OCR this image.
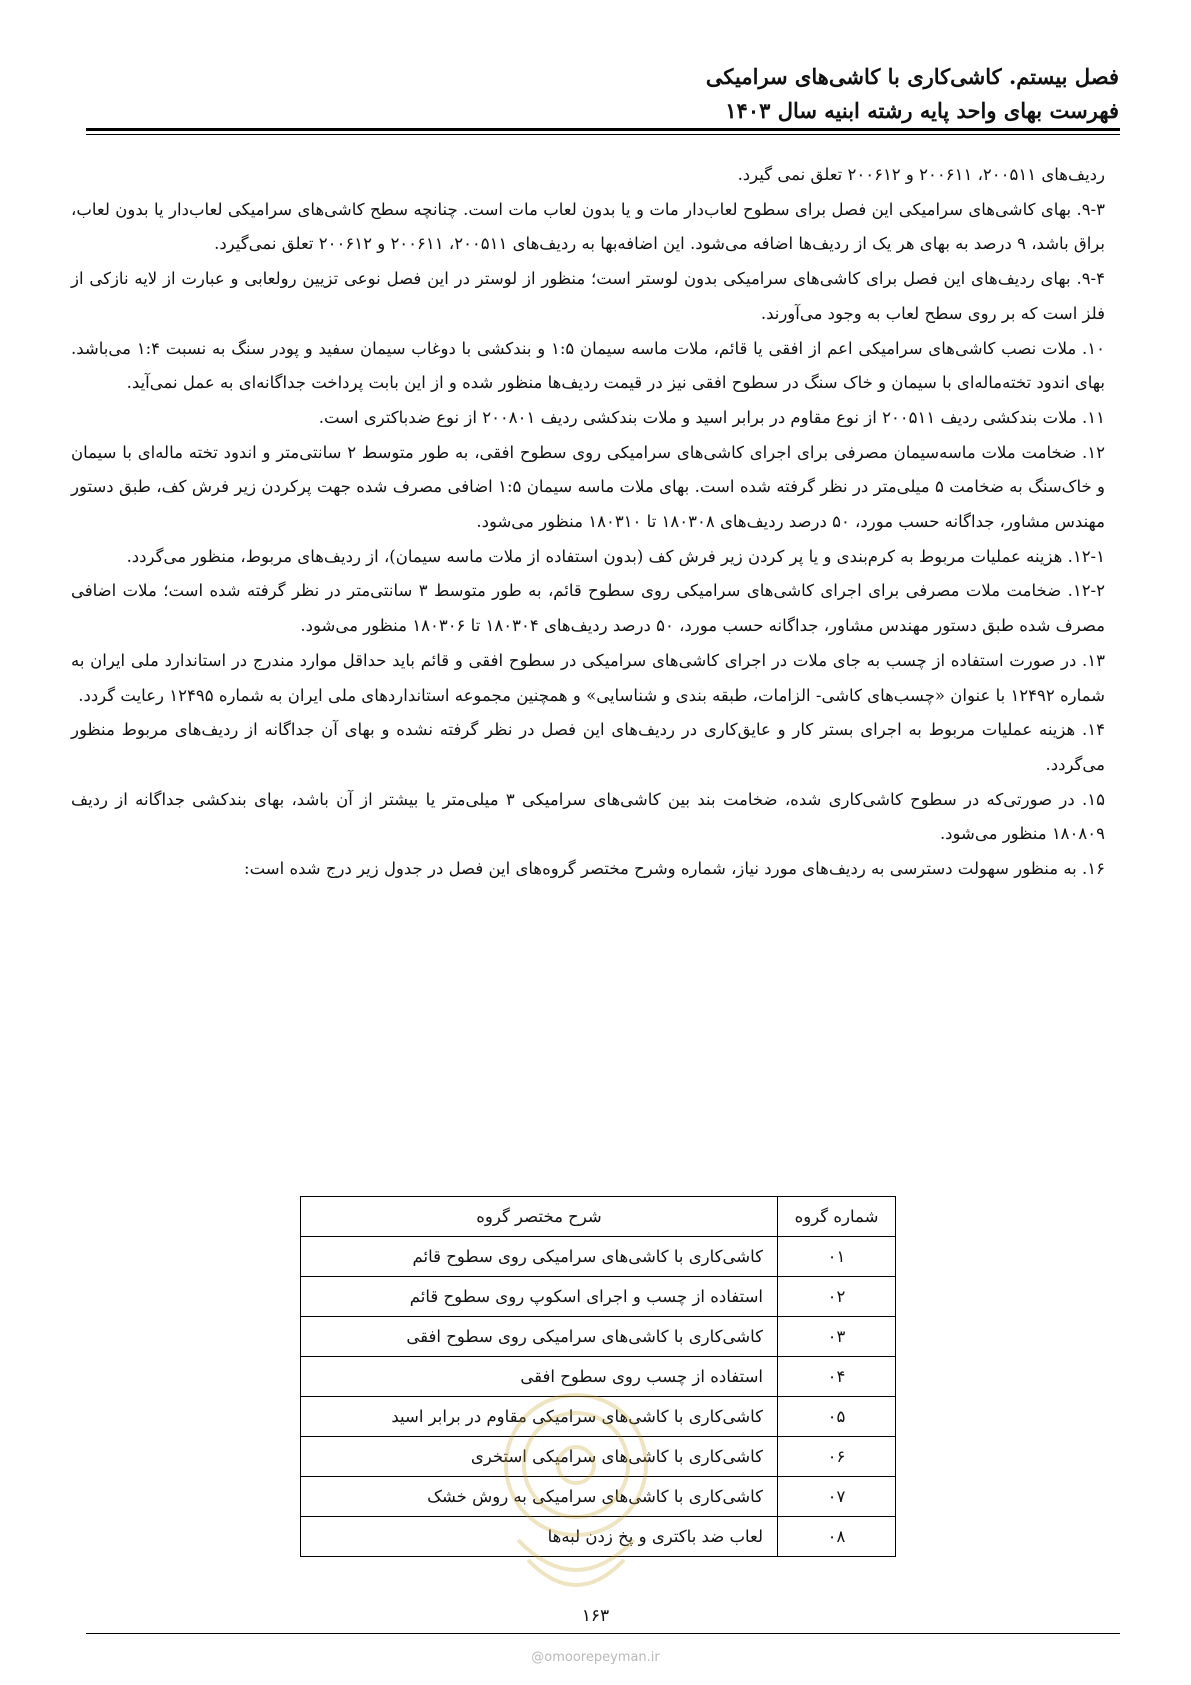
فصل بیستم. کاشی‌کاری با کاشی‌های سرامیکی
فهرست بهای واحد پایه رشته ابنیه سال ۱۴۰۳

ردیف‌های ۲۰۰۵۱۱، ۲۰۰۶۱۱ و ۲۰۰۶۱۲ تعلق نمی گیرد.

۹-۳. بهای کاشی‌های سرامیکی این فصل برای سطوح لعاب‌دار مات و یا بدون لعاب مات است. چنانچه سطح کاشی‌های سرامیکی لعاب‌دار یا بدون لعاب، براق باشد، ۹ درصد به بهای هر یک از ردیف‌ها اضافه می‌شود. این اضافه‌بها به ردیف‌های ۲۰۰۵۱۱، ۲۰۰۶۱۱ و ۲۰۰۶۱۲ تعلق نمی‌گیرد.

۹-۴. بهای ردیف‌های این فصل برای کاشی‌های سرامیکی بدون لوستر است؛ منظور از لوستر در این فصل نوعی تزیین رولعابی و عبارت از لایه نازکی از فلز است که بر روی سطح لعاب به وجود می‌آورند.

۱۰. ملات نصب کاشی‌های سرامیکی اعم از افقی یا قائم، ملات ماسه سیمان ۱:۵ و بندکشی با دوغاب سیمان سفید و پودر سنگ به نسبت ۱:۴ می‌باشد. بهای اندود تخته‌ماله‌ای با سیمان و خاک سنگ در سطوح افقی نیز در قیمت ردیف‌ها منظور شده و از این بابت پرداخت جداگانه‌ای به عمل نمی‌آید.

۱۱. ملات بندکشی ردیف ۲۰۰۵۱۱ از نوع مقاوم در برابر اسید و ملات بندکشی ردیف ۲۰۰۸۰۱ از نوع ضدباکتری است.

۱۲. ضخامت ملات ماسه‌سیمان مصرفی برای اجرای کاشی‌های سرامیکی روی سطوح افقی، به طور متوسط ۲ سانتی‌متر و اندود تخته ماله‌ای با سیمان و خاک‌سنگ به ضخامت ۵ میلی‌متر در نظر گرفته شده است. بهای ملات ماسه سیمان ۱:۵ اضافی مصرف شده جهت پرکردن زیر فرش کف، طبق دستور مهندس مشاور، جداگانه حسب مورد، ۵۰ درصد ردیف‌های ۱۸۰۳۰۸ تا ۱۸۰۳۱۰ منظور می‌شود.

۱۲-۱. هزینه عملیات مربوط به کرم‌بندی و یا پر کردن زیر فرش کف (بدون استفاده از ملات ماسه سیمان)، از ردیف‌های مربوط، منظور می‌گردد.

۱۲-۲. ضخامت ملات مصرفی برای اجرای کاشی‌های سرامیکی روی سطوح قائم، به طور متوسط ۳ سانتی‌متر در نظر گرفته شده است؛ ملات اضافی مصرف شده طبق دستور مهندس مشاور، جداگانه حسب مورد، ۵۰ درصد ردیف‌های ۱۸۰۳۰۴ تا ۱۸۰۳۰۶ منظور می‌شود.

۱۳. در صورت استفاده از چسب به جای ملات در اجرای کاشی‌های سرامیکی در سطوح افقی و قائم باید حداقل موارد مندرج در استاندارد ملی ایران به شماره ۱۲۴۹۲ با عنوان «چسب‌های کاشی- الزامات، طبقه بندی و شناسایی» و همچنین مجموعه استانداردهای ملی ایران به شماره ۱۲۴۹۵ رعایت گردد.

۱۴. هزینه عملیات مربوط به اجرای بستر کار و عایق‌کاری در ردیف‌های این فصل در نظر گرفته نشده و بهای آن جداگانه از ردیف‌های مربوط منظور می‌گردد.

۱۵. در صورتی‌که در سطوح کاشی‌کاری شده، ضخامت بند بین کاشی‌های سرامیکی ۳ میلی‌متر یا بیشتر از آن باشد، بهای بندکشی جداگانه از ردیف ۱۸۰۸۰۹ منظور می‌شود.

۱۶. به منظور سهولت دسترسی به ردیف‌های مورد نیاز، شماره وشرح مختصر گروه‌های این فصل در جدول زیر درج شده است:

شماره گروه	شرح مختصر گروه
۰۱	کاشی‌کاری با کاشی‌های سرامیکی روی سطوح قائم
۰۲	استفاده از چسب و اجرای اسکوپ روی سطوح قائم
۰۳	کاشی‌کاری با کاشی‌های سرامیکی روی سطوح افقی
۰۴	استفاده از چسب روی سطوح افقی
۰۵	کاشی‌کاری با کاشی‌های سرامیکی مقاوم در برابر اسید
۰۶	کاشی‌کاری با کاشی‌های سرامیکی استخری
۰۷	کاشی‌کاری با کاشی‌های سرامیکی به روش خشک
۰۸	لعاب ضد باکتری و پخ زدن لبه‌ها
۱۶۳
@omoorepeyman.ir
